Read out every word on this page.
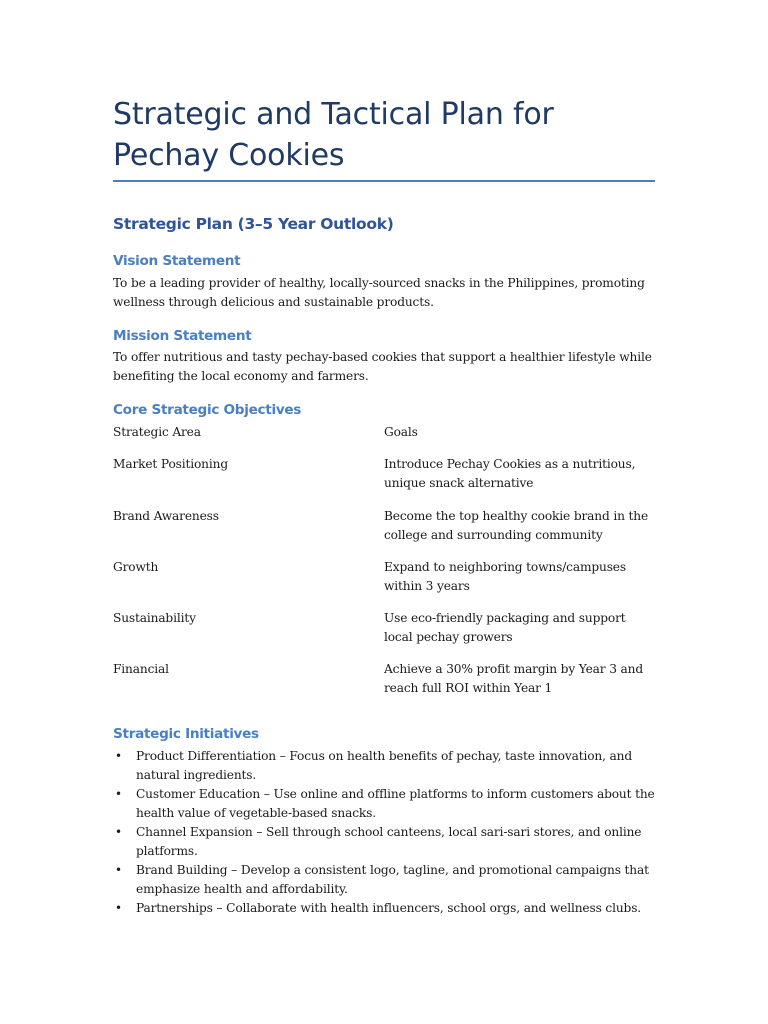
Strategic and Tactical Plan for Pechay Cookies
Strategic Plan (3–5 Year Outlook)
Vision Statement

To be a leading provider of healthy, locally-sourced snacks in the Philippines, promoting wellness through delicious and sustainable products.

Mission Statement

To offer nutritious and tasty pechay-based cookies that support a healthier lifestyle while benefiting the local economy and farmers.

Core Strategic Objectives
Strategic Area	Goals
Market Positioning	Introduce Pechay Cookies as a nutritious, unique snack alternative
Brand Awareness	Become the top healthy cookie brand in the college and surrounding community
Growth	Expand to neighboring towns/campuses within 3 years
Sustainability	Use eco-friendly packaging and support local pechay growers
Financial	Achieve a 30% profit margin by Year 3 and reach full ROI within Year 1
Strategic Initiatives
• Product Differentiation – Focus on health benefits of pechay, taste innovation, and natural ingredients.
• Customer Education – Use online and offline platforms to inform customers about the health value of vegetable-based snacks.
• Channel Expansion – Sell through school canteens, local sari-sari stores, and online platforms.
• Brand Building – Develop a consistent logo, tagline, and promotional campaigns that emphasize health and affordability.
• Partnerships – Collaborate with health influencers, school orgs, and wellness clubs.
